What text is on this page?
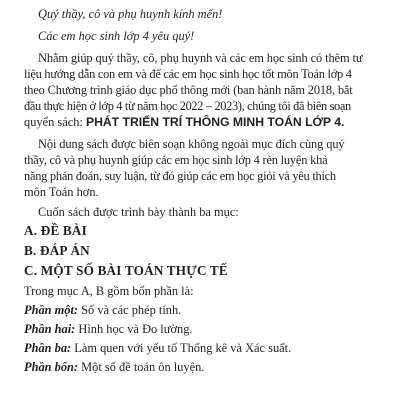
Quý thầy, cô và phụ huynh kính mến!
Các em học sinh lớp 4 yêu quý!
Nhằm giúp quý thầy, cô, phụ huynh và các em học sinh có thêm tư
liệu hướng dẫn con em và để các em học sinh học tốt môn Toán lớp 4
theo Chương trình giáo dục phổ thông mới (ban hành năm 2018, bắt
đầu thực hiện ở lớp 4 từ năm học 2022 – 2023), chúng tôi đã biên soạn
quyển sách: PHÁT TRIỂN TRÍ THÔNG MINH TOÁN LỚP 4.
Nội dung sách được biên soạn không ngoài mục đích cùng quý
thầy, cô và phụ huynh giúp các em học sinh lớp 4 rèn luyện khả
năng phán đoán, suy luận, từ đó giúp các em học giỏi và yêu thích
môn Toán hơn.
Cuốn sách được trình bày thành ba mục:
A. ĐỀ BÀI
B. ĐÁP ÁN
C. MỘT SỐ BÀI TOÁN THỰC TẾ
Trong mục A, B gồm bốn phần là:
Phần một: Số và các phép tính.
Phần hai: Hình học và Đo lường.
Phần ba: Làm quen với yếu tố Thống kê và Xác suất.
Phần bốn: Một số đề toán ôn luyện.
